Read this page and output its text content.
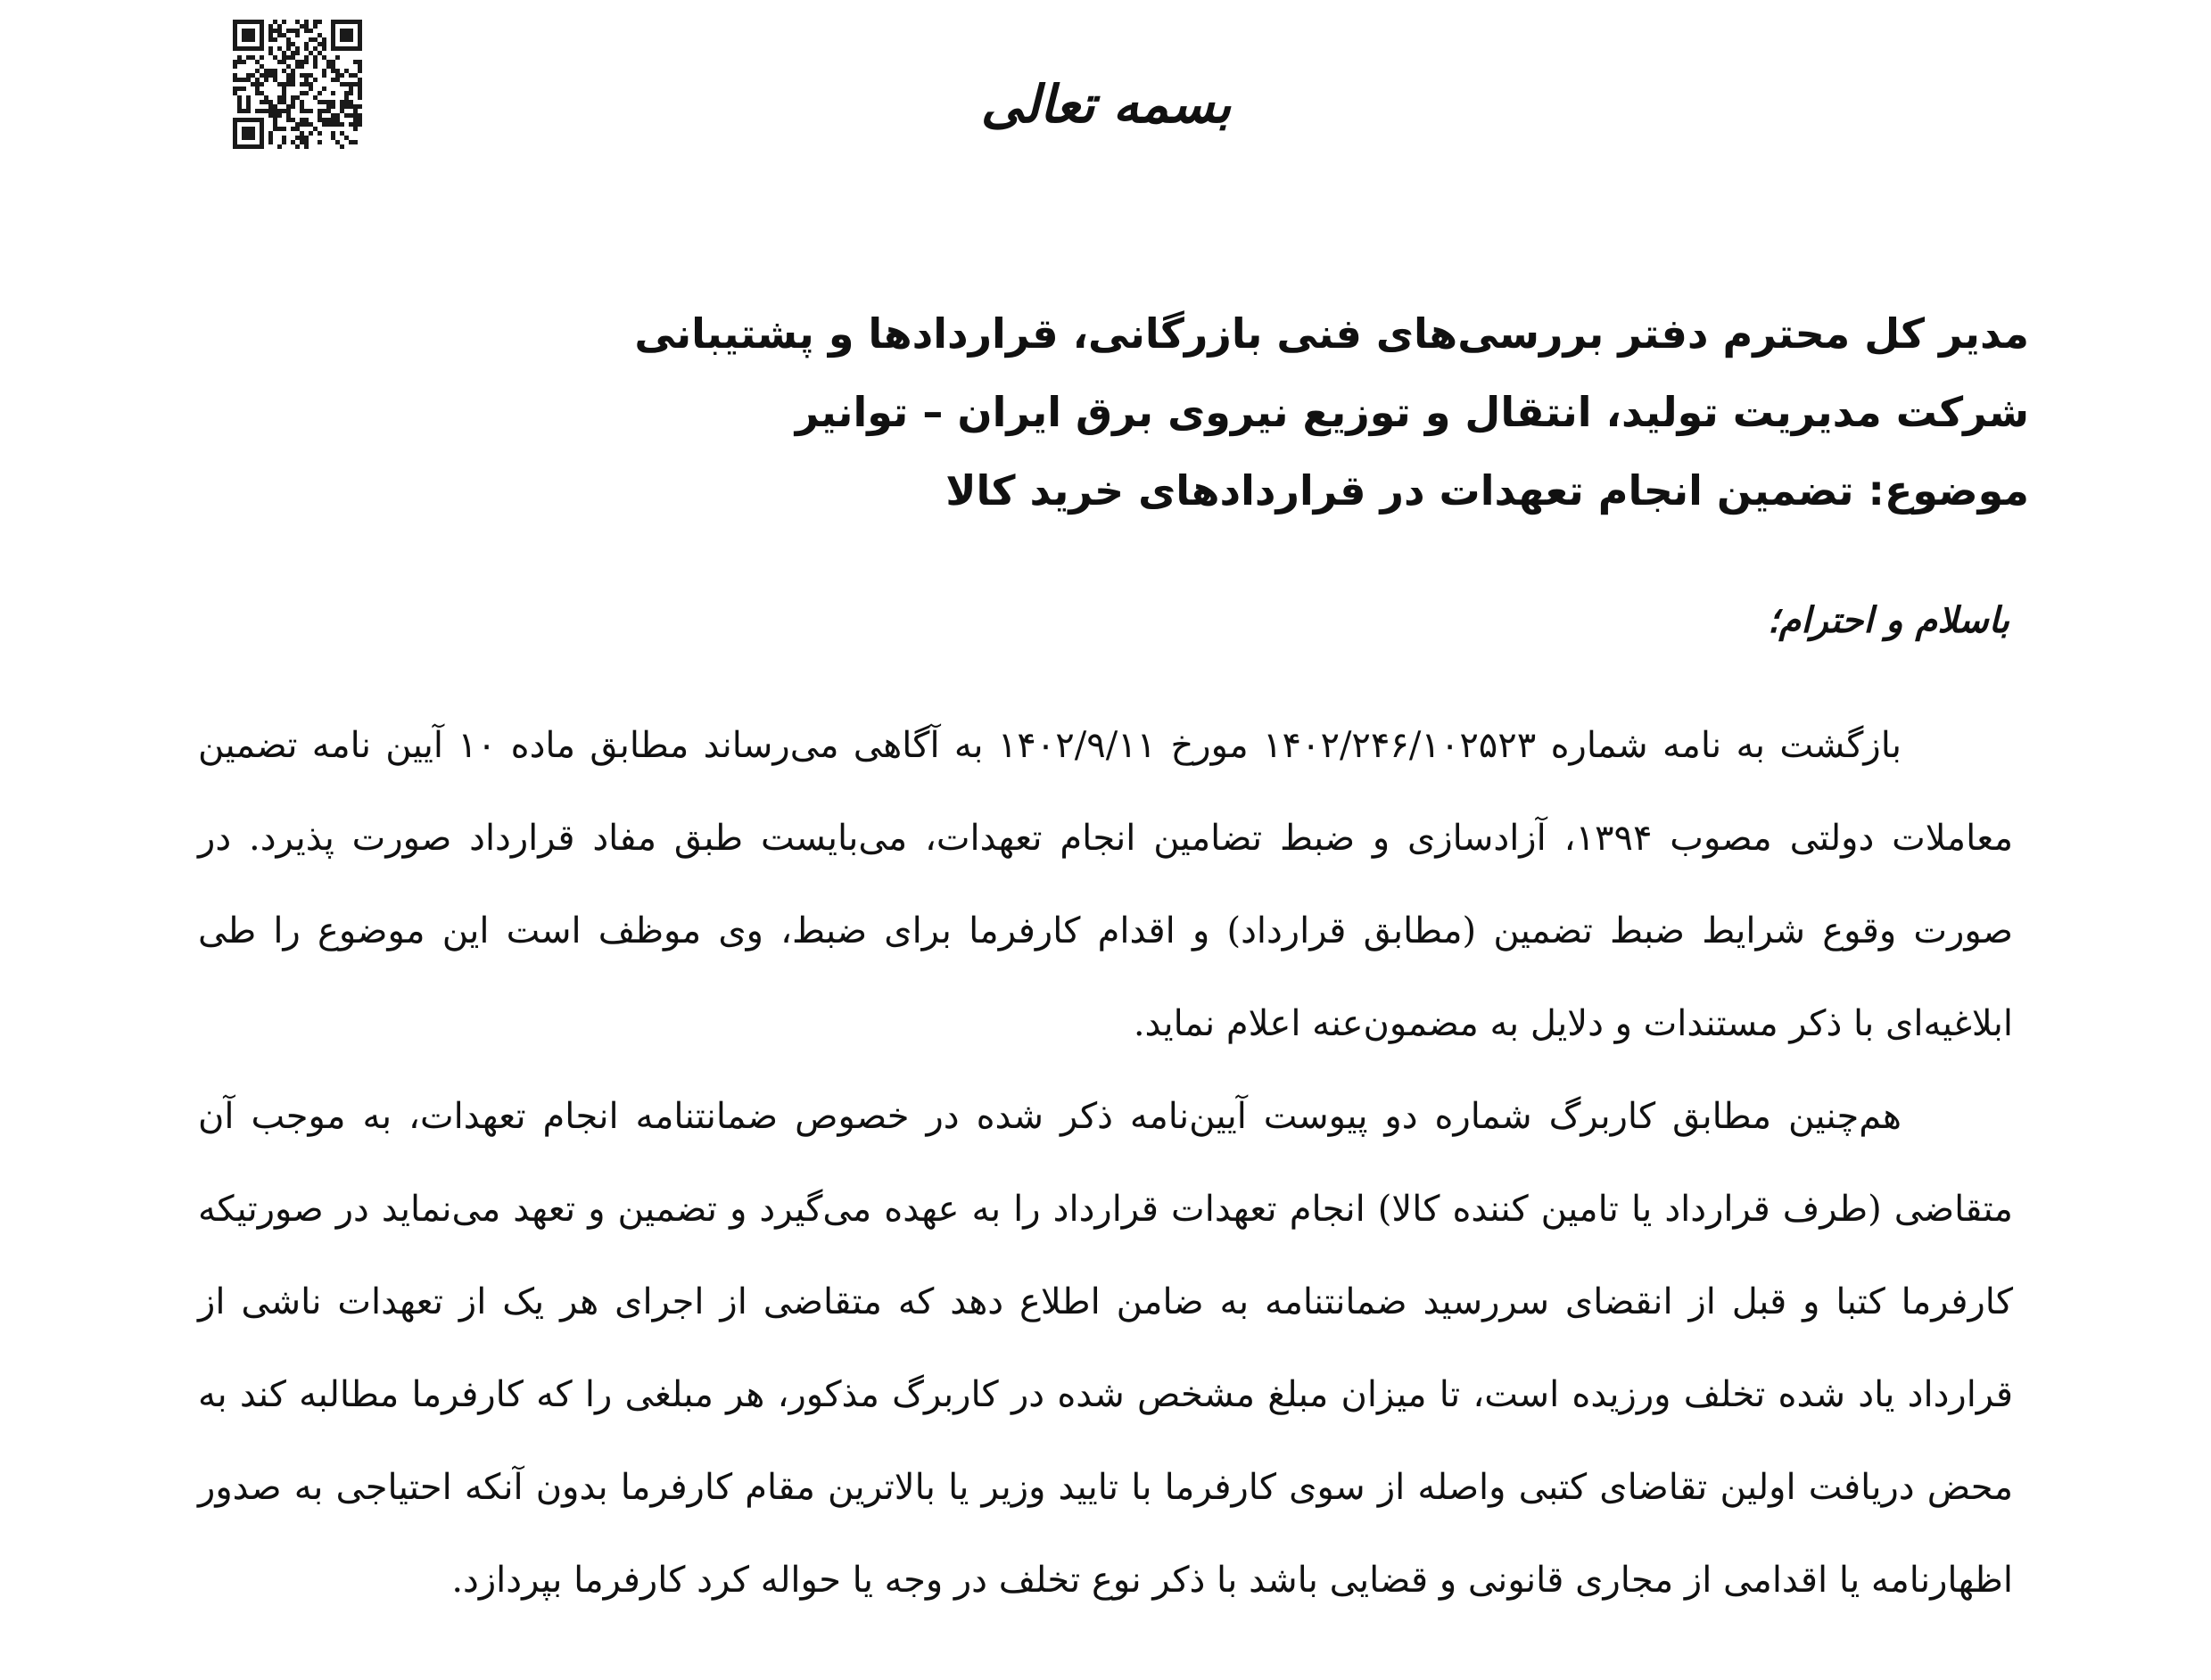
بسمه تعالی
مدیر کل محترم دفتر بررسی‌های فنی بازرگانی، قراردادها و پشتیبانی
شرکت مدیریت تولید، انتقال و توزیع نیروی برق ایران – توانیر
موضوع: تضمین انجام تعهدات در قراردادهای خرید کالا
باسلام و احترام؛

بازگشت به نامه شماره ۱۴۰۲/۲۴۶/۱۰۲۵۲۳ مورخ ۱۴۰۲/۹/۱۱ به آگاهی می‌رساند مطابق ماده ۱۰ آیین نامه تضمین معاملات دولتی مصوب ۱۳۹۴، آزادسازی و ضبط تضامین انجام تعهدات، می‌بایست طبق مفاد قرارداد صورت پذیرد. در صورت وقوع شرایط ضبط تضمین (مطابق قرارداد) و اقدام کارفرما برای ضبط، وی موظف است این موضوع را طی ابلاغیه‌ای با ذکر مستندات و دلایل به مضمون‌عنه اعلام نماید.

هم‌چنین مطابق کاربرگ شماره دو پیوست آیین‌نامه ذکر شده در خصوص ضمانتنامه انجام تعهدات، به موجب آن متقاضی (طرف قرارداد یا تامین کننده کالا) انجام تعهدات قرارداد را به عهده می‌گیرد و تضمین و تعهد می‌نماید در صورتیکه کارفرما کتبا و قبل از انقضای سررسید ضمانتنامه به ضامن اطلاع دهد که متقاضی از اجرای هر یک از تعهدات ناشی از قرارداد یاد شده تخلف ورزیده است، تا میزان مبلغ مشخص شده در کاربرگ مذکور، هر مبلغی را که کارفرما مطالبه کند به محض دریافت اولین تقاضای کتبی واصله از سوی کارفرما با تایید وزیر یا بالاترین مقام کارفرما بدون آنکه احتیاجی به صدور اظهارنامه یا اقدامی از مجاری قانونی و قضایی باشد با ذکر نوع تخلف در وجه یا حواله کرد کارفرما بپردازد.
